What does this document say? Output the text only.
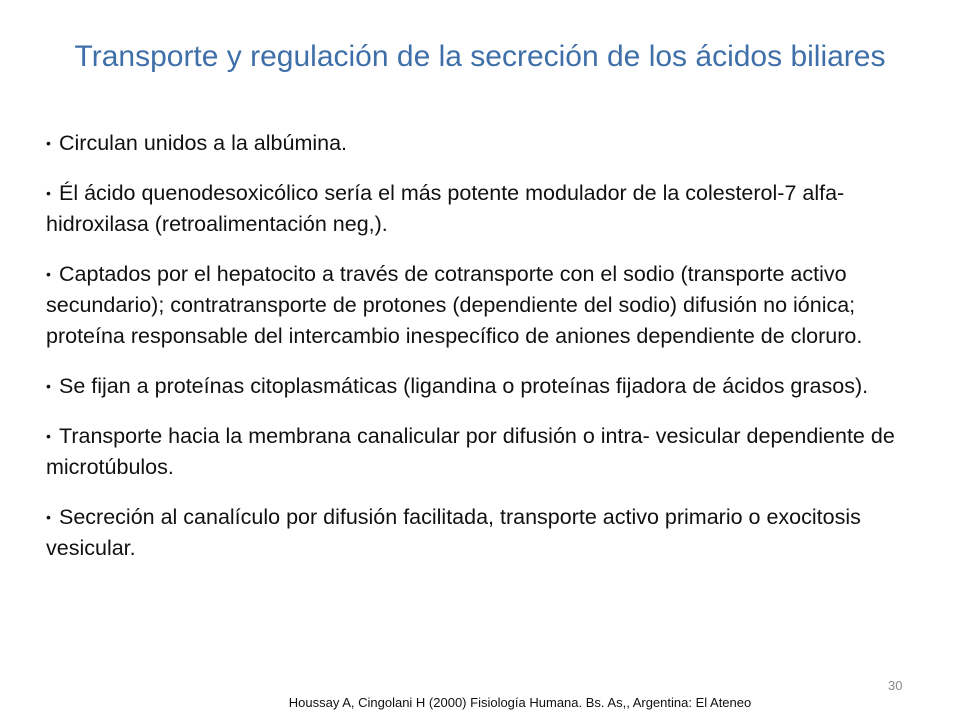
Transporte y regulación de la secreción de los ácidos biliares
• Circulan unidos a la albúmina.
• Él ácido quenodesoxicólico sería el más potente modulador de la colesterol-7 alfa-hidroxilasa (retroalimentación neg,).
• Captados por el hepatocito a través de cotransporte con el sodio (transporte activo secundario); contratransporte de protones (dependiente del sodio) difusión no iónica; proteína responsable del intercambio inespecífico de aniones dependiente de cloruro.
• Se fijan a proteínas citoplasmáticas (ligandina o proteínas fijadora de ácidos grasos).
• Transporte hacia la membrana canalicular por difusión o intra- vesicular dependiente de microtúbulos.
• Secreción al canalículo por difusión facilitada, transporte activo primario o exocitosis vesicular.
30
Houssay A, Cingolani H (2000) Fisiología Humana. Bs. As,, Argentina: El Ateneo
